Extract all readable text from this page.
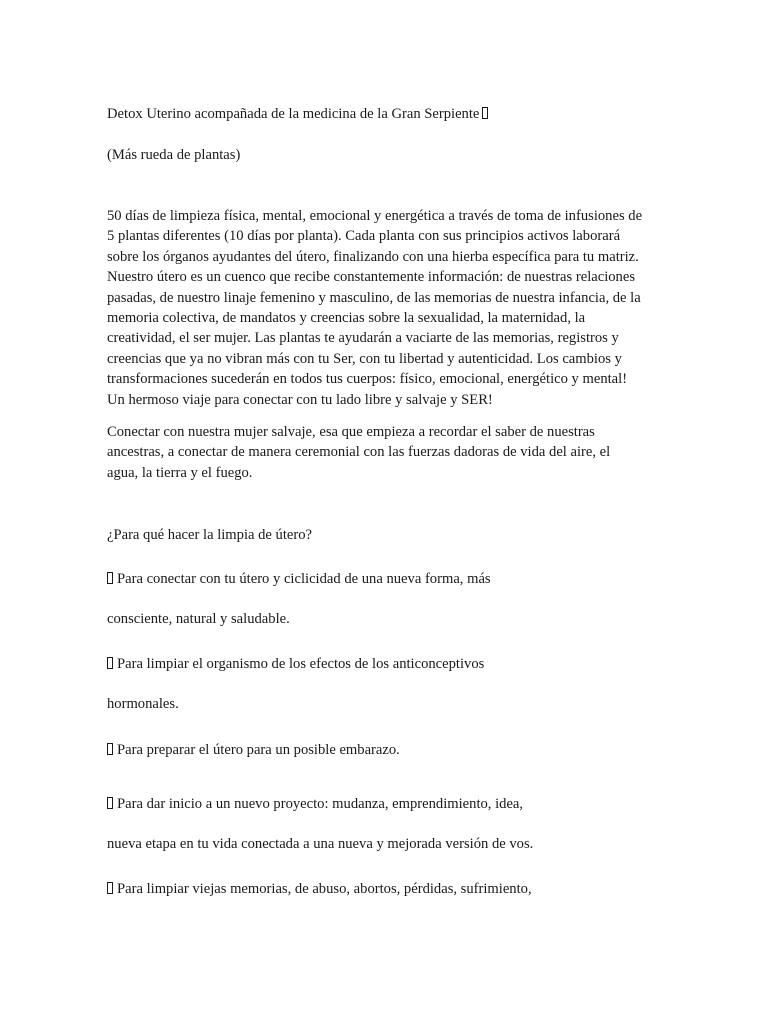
Detox Uterino acompañada de la medicina de la Gran Serpiente
(Más rueda de plantas)
50 días de limpieza física, mental, emocional y energética a través de toma de infusiones de
5 plantas diferentes (10 días por planta). Cada planta con sus principios activos laborará
sobre los órganos ayudantes del útero, finalizando con una hierba específica para tu matriz.
Nuestro útero es un cuenco que recibe constantemente información: de nuestras relaciones
pasadas, de nuestro linaje femenino y masculino, de las memorias de nuestra infancia, de la
memoria colectiva, de mandatos y creencias sobre la sexualidad, la maternidad, la
creatividad, el ser mujer. Las plantas te ayudarán a vaciarte de las memorias, registros y
creencias que ya no vibran más con tu Ser, con tu libertad y autenticidad. Los cambios y
transformaciones sucederán en todos tus cuerpos: físico, emocional, energético y mental!
Un hermoso viaje para conectar con tu lado libre y salvaje y SER!
Conectar con nuestra mujer salvaje, esa que empieza a recordar el saber de nuestras
ancestras, a conectar de manera ceremonial con las fuerzas dadoras de vida del aire, el
agua, la tierra y el fuego.
¿Para qué hacer la limpia de útero?
Para conectar con tu útero y ciclicidad de una nueva forma, más
consciente, natural y saludable.
Para limpiar el organismo de los efectos de los anticonceptivos
hormonales.
Para preparar el útero para un posible embarazo.
Para dar inicio a un nuevo proyecto: mudanza, emprendimiento, idea,
nueva etapa en tu vida conectada a una nueva y mejorada versión de vos.
Para limpiar viejas memorias, de abuso, abortos, pérdidas, sufrimiento,
